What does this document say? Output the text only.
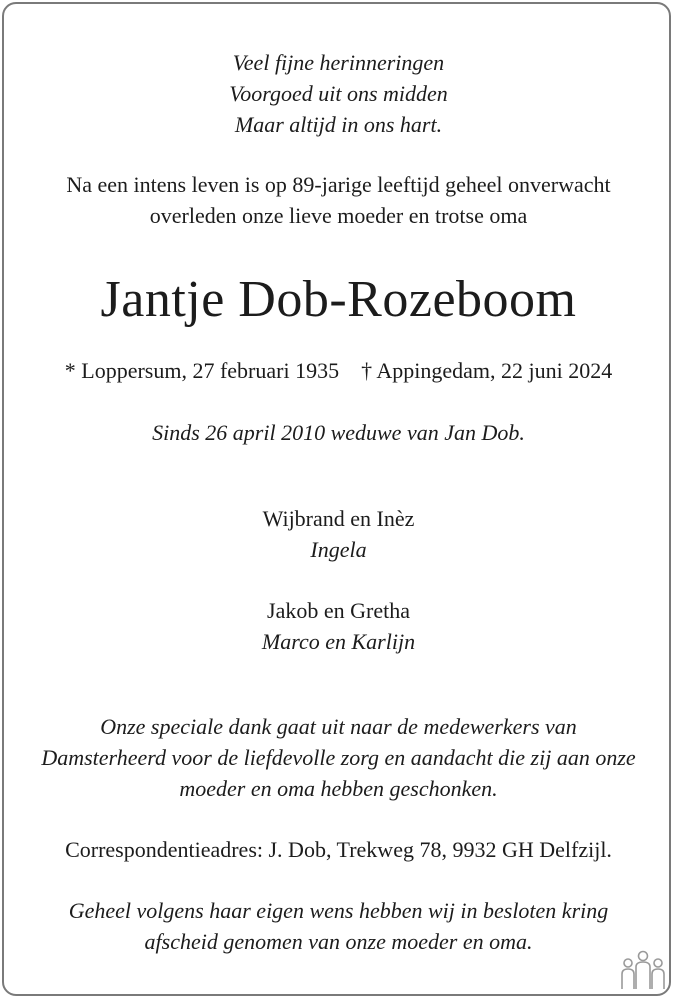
Veel fijne herinneringen
Voorgoed uit ons midden
Maar altijd in ons hart.
Na een intens leven is op 89-jarige leeftijd geheel onverwacht
overleden onze lieve moeder en trotse oma
Jantje Dob-Rozeboom
* Loppersum, 27 februari 1935 † Appingedam, 22 juni 2024
Sinds 26 april 2010 weduwe van Jan Dob.
Wijbrand en Inèz
Ingela
Jakob en Gretha
Marco en Karlijn
Onze speciale dank gaat uit naar de medewerkers van
Damsterheerd voor de liefdevolle zorg en aandacht die zij aan onze
moeder en oma hebben geschonken.
Correspondentieadres: J. Dob, Trekweg 78, 9932 GH Delfzijl.
Geheel volgens haar eigen wens hebben wij in besloten kring
afscheid genomen van onze moeder en oma.
